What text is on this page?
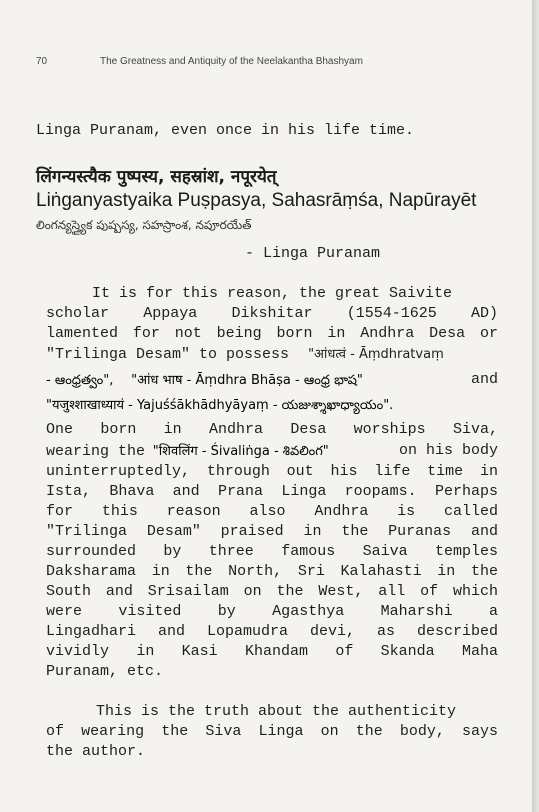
70	The Greatness and Antiquity of the Neelakantha Bhashyam
Linga Puranam, even once in his life time.
लिंगन्यस्त्यैक पुष्पस्य, सहस्रांश, नपूरयेत्
Liṅganyastyaika Puṣpasya, Sahasrāṃśa, Napūrayēt
లింగన్యస్త్యైక పుష్పస్య, సహస్రాంశ, నపూరయేత్
- Linga Puranam
It is for this reason, the great Saivite
scholar Appaya Dikshitar (1554-1625 AD)
lamented for not being born in Andhra Desa or
"Trilinga Desam" to possess "आंधत्वं - Āṃdhratvaṃ
- ఆంధ్రత్వం", "आंध भाष - Āṃdhra Bhāṣa - ఆంధ్ర భాష"	and
"यजुश्शाखाध्यायं - Yajuśśākhādhyāyaṃ - యజుశ్శాఖాధ్యాయం".
One born in Andhra Desa worships Siva,
wearing the "शिवलिंग - Śivaliṅga - శివలింగ"	on his body
uninterruptedly, through out his life time in
Ista, Bhava and Prana Linga roopams. Perhaps
for this reason also Andhra is called
"Trilinga Desam" praised in the Puranas and
surrounded by three famous Saiva temples
Daksharama in the North, Sri Kalahasti in the
South and Srisailam on the West, all of which
were visited by Agasthya Maharshi a
Lingadhari and Lopamudra devi, as described
vividly in Kasi Khandam of Skanda Maha
Puranam, etc.
This is the truth about the authenticity
of wearing the Siva Linga on the body, says
the author.
